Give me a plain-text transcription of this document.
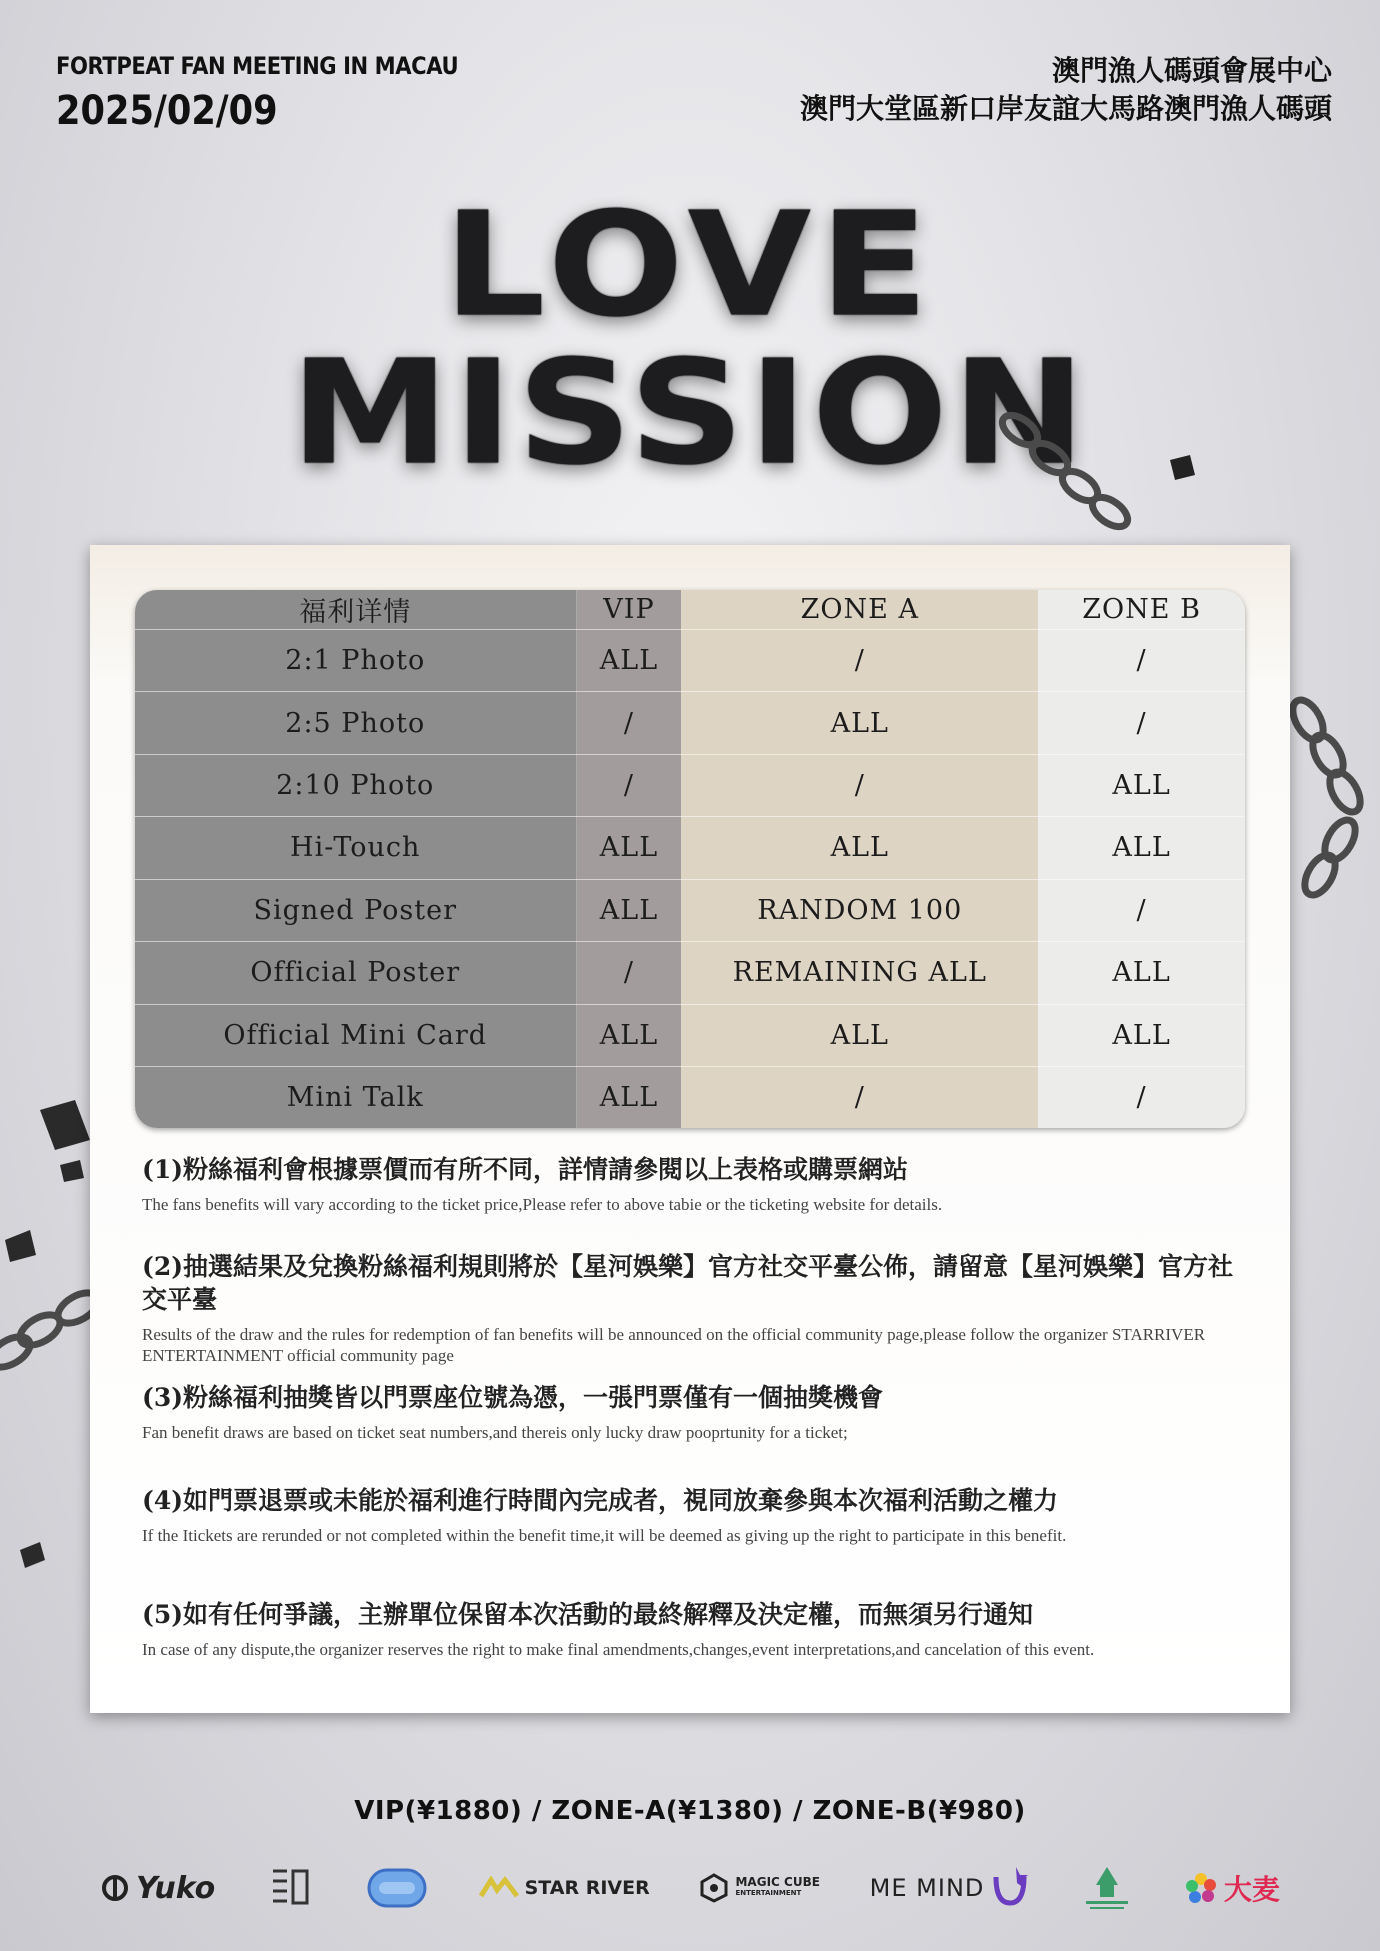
FORTPEAT FAN MEETING IN MACAU
2025/02/09
澳門漁人碼頭會展中心
澳門大堂區新口岸友誼大馬路澳門漁人碼頭
LOVE
MISSION
福利详情	VIP	ZONE A	ZONE B
2:1 Photo	ALL	/	/
2:5 Photo	/	ALL	/
2:10 Photo	/	/	ALL
Hi-Touch	ALL	ALL	ALL
Signed Poster	ALL	RANDOM 100	/
Official Poster	/	REMAINING ALL	ALL
Official Mini Card	ALL	ALL	ALL
Mini Talk	ALL	/	/
(1)粉絲福利會根據票價而有所不同，詳情請參閱以上表格或購票網站
The fans benefits will vary according to the ticket price,Please refer to above tabie or the ticketing website for details.
(2)抽選結果及兌換粉絲福利規則將於【星河娛樂】官方社交平臺公佈，請留意【星河娛樂】官方社交平臺
Results of the draw and the rules for redemption of fan benefits will be announced on the official community page,please follow the organizer STARRIVER ENTERTAINMENT official community page
(3)粉絲福利抽獎皆以門票座位號為憑，一張門票僅有一個抽獎機會
Fan benefit draws are based on ticket seat numbers,and thereis only lucky draw pooprtunity for a ticket;
(4)如門票退票或未能於福利進行時間內完成者，視同放棄參與本次福利活動之權力
If the Itickets are rerunded or not completed within the benefit time,it will be deemed as giving up the right to participate in this benefit.
(5)如有任何爭議，主辦單位保留本次活動的最終解釋及決定權，而無須另行通知
In case of any dispute,the organizer reserves the right to make final amendments,changes,event interpretations,and cancelation of this event.
VIP(¥1880) / ZONE-A(¥1380) / ZONE-B(¥980)
Yuko	STAR RIVER	MAGIC CUBE
ENTERTAINMENT	ME MIND	大麦
